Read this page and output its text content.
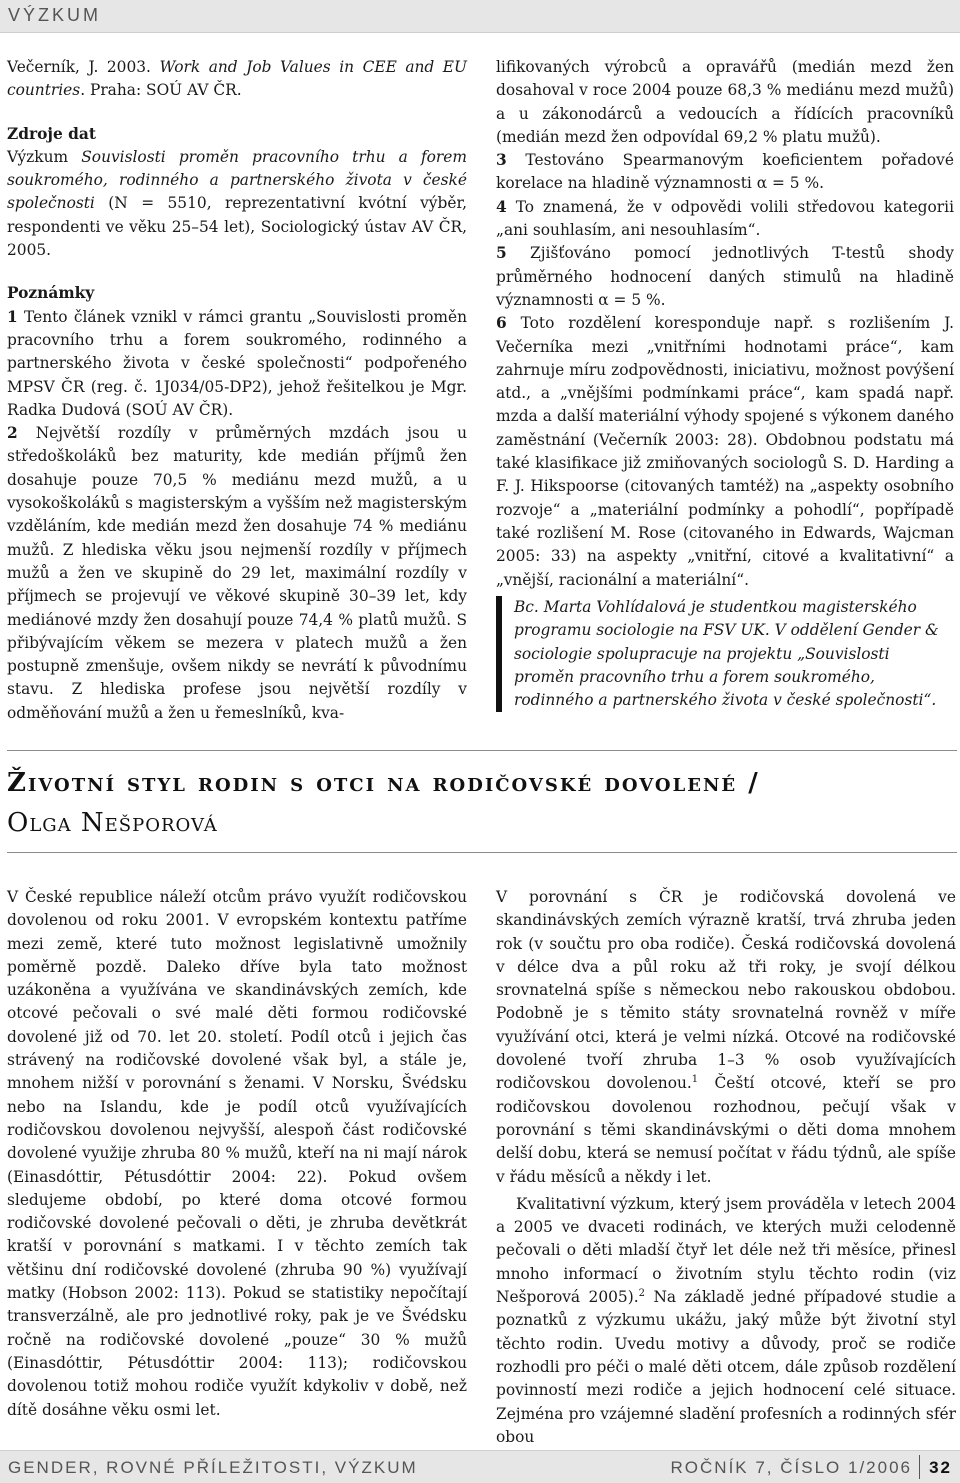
VÝZKUM

Večerník, J. 2003. Work and Job Values in CEE and EU countries. Praha: SOÚ AV ČR.

Zdroje dat

Výzkum Souvislosti proměn pracovního trhu a forem soukromého, rodinného a partnerského života v české společnosti (N = 5510, reprezentativní kvótní výběr, respondenti ve věku 25–54 let), Sociologický ústav AV ČR, 2005.

Poznámky

1 Tento článek vznikl v rámci grantu „Souvislosti proměn pracovního trhu a forem soukromého, rodinného a partnerského života v české společnosti“ podpořeného MPSV ČR (reg. č. 1J034/05-DP2), jehož řešitelkou je Mgr. Radka Dudová (SOÚ AV ČR).

2 Největší rozdíly v průměrných mzdách jsou u středoškoláků bez maturity, kde medián příjmů žen dosahuje pouze 70,5 % mediánu mezd mužů, a u vysokoškoláků s magisterským a vyšším než magisterským vzděláním, kde medián mezd žen dosahuje 74 % mediánu mužů. Z hlediska věku jsou nejmenší rozdíly v příjmech mužů a žen ve skupině do 29 let, maximální rozdíly v příjmech se projevují ve věkové skupině 30–39 let, kdy mediánové mzdy žen dosahují pouze 74,4 % platů mužů. S přibývajícím věkem se mezera v platech mužů a žen postupně zmenšuje, ovšem nikdy se nevrátí k původnímu stavu. Z hlediska profese jsou největší rozdíly v odměňování mužů a žen u řemeslníků, kva-

lifikovaných výrobců a opravářů (medián mezd žen dosahoval v roce 2004 pouze 68,3 % mediánu mezd mužů) a u zákonodárců a vedoucích a řídících pracovníků (medián mezd žen odpovídal 69,2 % platu mužů).

3 Testováno Spearmanovým koeficientem pořadové korelace na hladině významnosti α = 5 %.

4 To znamená, že v odpovědi volili středovou kategorii „ani souhlasím, ani nesouhlasím“.

5 Zjišťováno pomocí jednotlivých T-testů shody průměrného hodnocení daných stimulů na hladině významnosti α = 5 %.

6 Toto rozdělení koresponduje např. s rozlišením J. Večerníka mezi „vnitřními hodnotami práce“, kam zahrnuje míru zodpovědnosti, iniciativu, možnost povýšení atd., a „vnějšími podmínkami práce“, kam spadá např. mzda a další materiální výhody spojené s výkonem daného zaměstnání (Večerník 2003: 28). Obdobnou podstatu má také klasifikace již zmiňovaných sociologů S. D. Harding a F. J. Hikspoorse (citovaných tamtéž) na „aspekty osobního rozvoje“ a „materiální podmínky a pohodlí“, popřípadě také rozlišení M. Rose (citovaného in Edwards, Wajcman 2005: 33) na aspekty „vnitřní, citové a kvalitativní“ a „vnější, racionální a materiální“.

Bc. Marta Vohlídalová je studentkou magisterského programu sociologie na FSV UK. V oddělení Gender & sociologie spolupracuje na projektu „Souvislosti proměn pracovního trhu a forem soukromého, rodinného a partnerského života v české společnosti“.
Životní styl rodin s otci na rodičovské dovolené /
Olga Nešporová

V České republice náleží otcům právo využít rodičovskou dovolenou od roku 2001. V evropském kontextu patříme mezi země, které tuto možnost legislativně umožnily poměrně pozdě. Daleko dříve byla tato možnost uzákoněna a využívána ve skandinávských zemích, kde otcové pečovali o své malé děti formou rodičovské dovolené již od 70. let 20. století. Podíl otců i jejich čas strávený na rodičovské dovolené však byl, a stále je, mnohem nižší v porovnání s ženami. V Norsku, Švédsku nebo na Islandu, kde je podíl otců využívajících rodičovskou dovolenou nejvyšší, alespoň část rodičovské dovolené využije zhruba 80 % mužů, kteří na ni mají nárok (Einasdóttir, Pétusdóttir 2004: 22). Pokud ovšem sledujeme období, po které doma otcové formou rodičovské dovolené pečovali o děti, je zhruba devětkrát kratší v porovnání s matkami. I v těchto zemích tak většinu dní rodičovské dovolené (zhruba 90 %) využívají matky (Hobson 2002: 113). Pokud se statistiky nepočítají transverzálně, ale pro jednotlivé roky, pak je ve Švédsku ročně na rodičovské dovolené „pouze“ 30 % mužů (Einasdóttir, Pétusdóttir 2004: 113); rodičovskou dovolenou totiž mohou rodiče využít kdykoliv v době, než dítě dosáhne věku osmi let.

V porovnání s ČR je rodičovská dovolená ve skandinávských zemích výrazně kratší, trvá zhruba jeden rok (v součtu pro oba rodiče). Česká rodičovská dovolená v délce dva a půl roku až tři roky, je svojí délkou srovnatelná spíše s německou nebo rakouskou obdobou. Podobně je s těmito státy srovnatelná rovněž v míře využívání otci, která je velmi nízká. Otcové na rodičovské dovolené tvoří zhruba 1–3 % osob využívajících rodičovskou dovolenou.$^1$ Čeští otcové, kteří se pro rodičovskou dovolenou rozhodnou, pečují však v porovnání s těmi skandinávskými o děti doma mnohem delší dobu, která se nemusí počítat v řádu týdnů, ale spíše v řádu měsíců a někdy i let.

Kvalitativní výzkum, který jsem prováděla v letech 2004 a 2005 ve dvaceti rodinách, ve kterých muži celodenně pečovali o děti mladší čtyř let déle než tři měsíce, přinesl mnoho informací o životním stylu těchto rodin (viz Nešporová 2005).$^2$ Na základě jedné případové studie a poznatků z výzkumu ukážu, jaký může být životní styl těchto rodin. Uvedu motivy a důvody, proč se rodiče rozhodli pro péči o malé děti otcem, dále způsob rozdělení povinností mezi rodiče a jejich hodnocení celé situace. Zejména pro vzájemné sladění profesních a rodinných sfér obou

GENDER, ROVNÉ PŘÍLEŽITOSTI, VÝZKUM	ROČNÍK 7, ČÍSLO 1/2006 32
